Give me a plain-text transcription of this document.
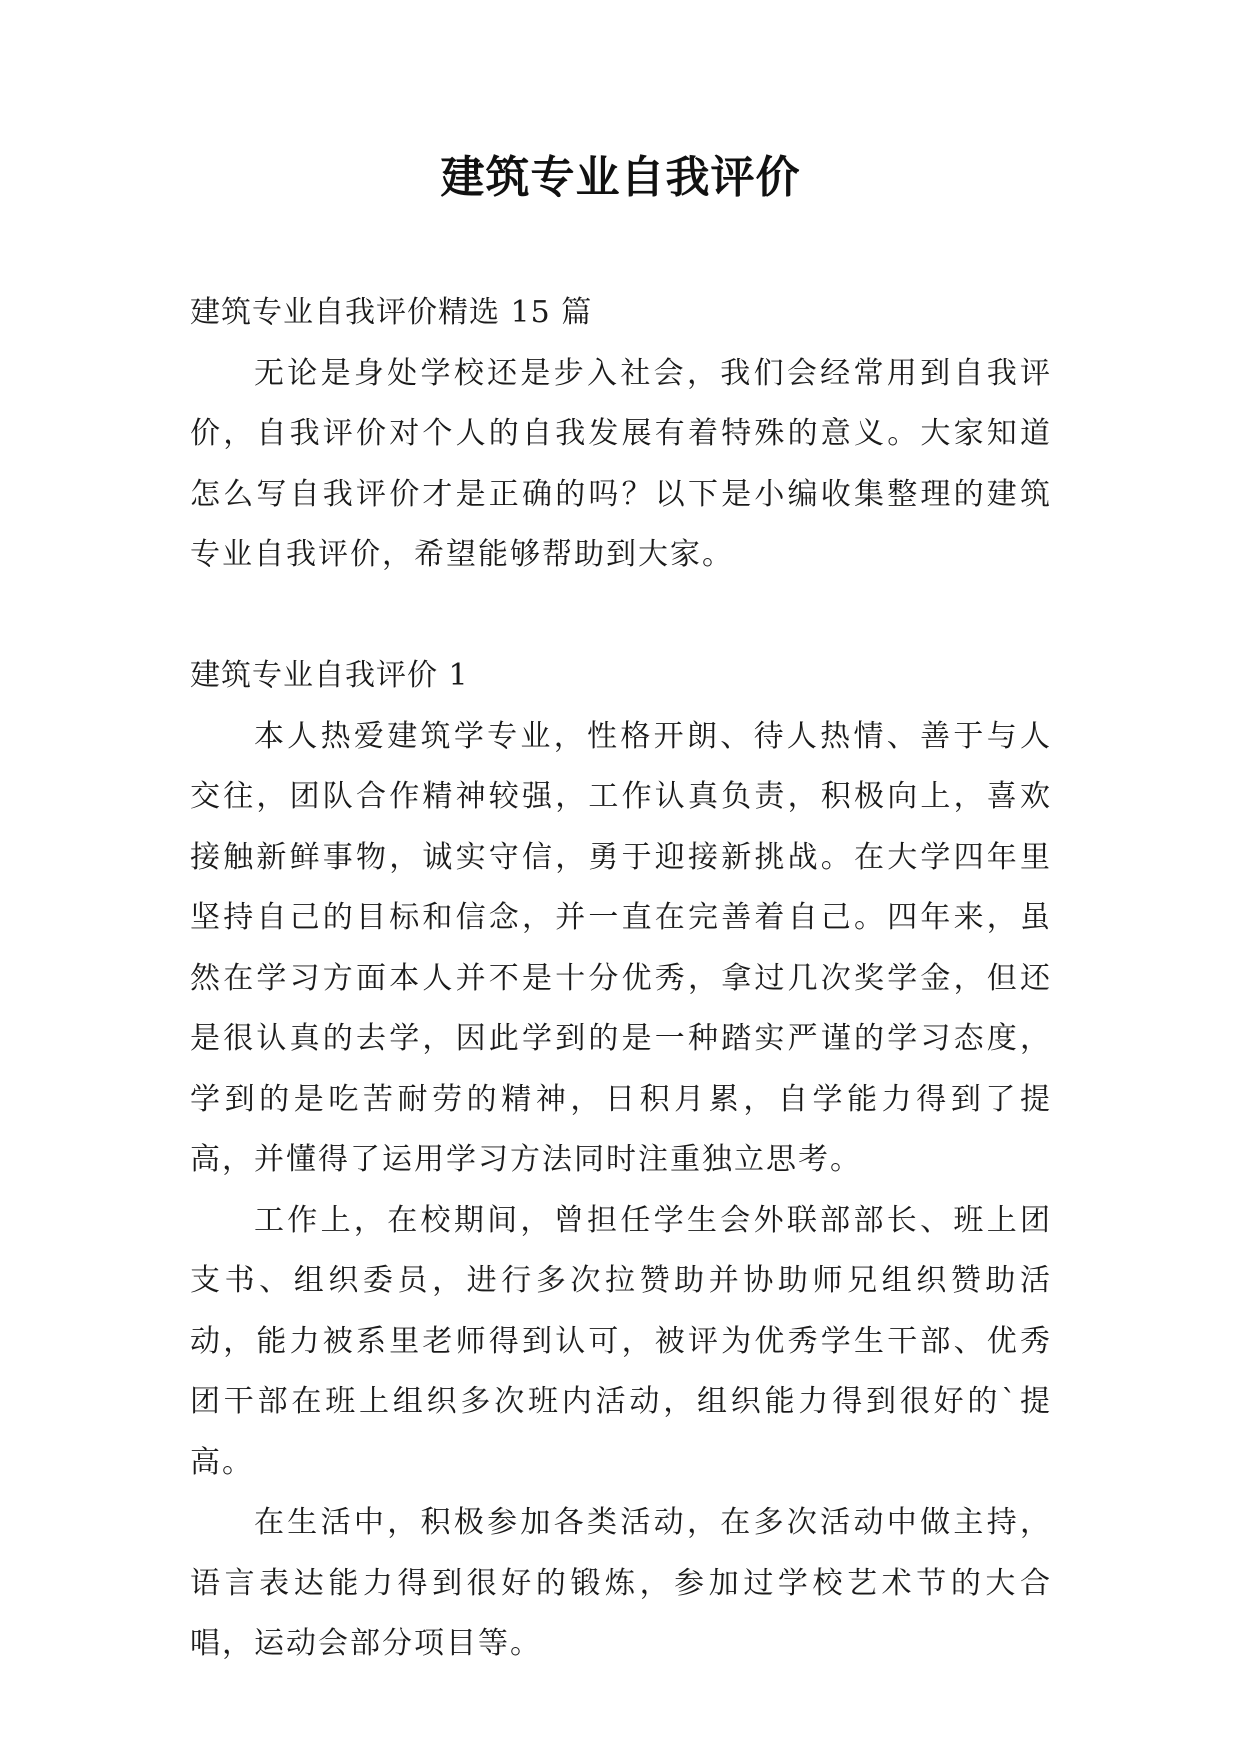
建筑专业自我评价

建筑专业自我评价精选 15 篇

无论是身处学校还是步入社会，我们会经常用到自我评价，自我评价对个人的自我发展有着特殊的意义。大家知道怎么写自我评价才是正确的吗？以下是小编收集整理的建筑专业自我评价，希望能够帮助到大家。

建筑专业自我评价 1

本人热爱建筑学专业，性格开朗、待人热情、善于与人交往，团队合作精神较强，工作认真负责，积极向上，喜欢接触新鲜事物，诚实守信，勇于迎接新挑战。在大学四年里坚持自己的目标和信念，并一直在完善着自己。四年来，虽然在学习方面本人并不是十分优秀，拿过几次奖学金，但还是很认真的去学，因此学到的是一种踏实严谨的学习态度，学到的是吃苦耐劳的精神，日积月累，自学能力得到了提高，并懂得了运用学习方法同时注重独立思考。

工作上，在校期间，曾担任学生会外联部部长、班上团支书、组织委员，进行多次拉赞助并协助师兄组织赞助活动，能力被系里老师得到认可，被评为优秀学生干部、优秀团干部在班上组织多次班内活动，组织能力得到很好的`提高。

在生活中，积极参加各类活动，在多次活动中做主持，语言表达能力得到很好的锻炼，参加过学校艺术节的大合唱，运动会部分项目等。
